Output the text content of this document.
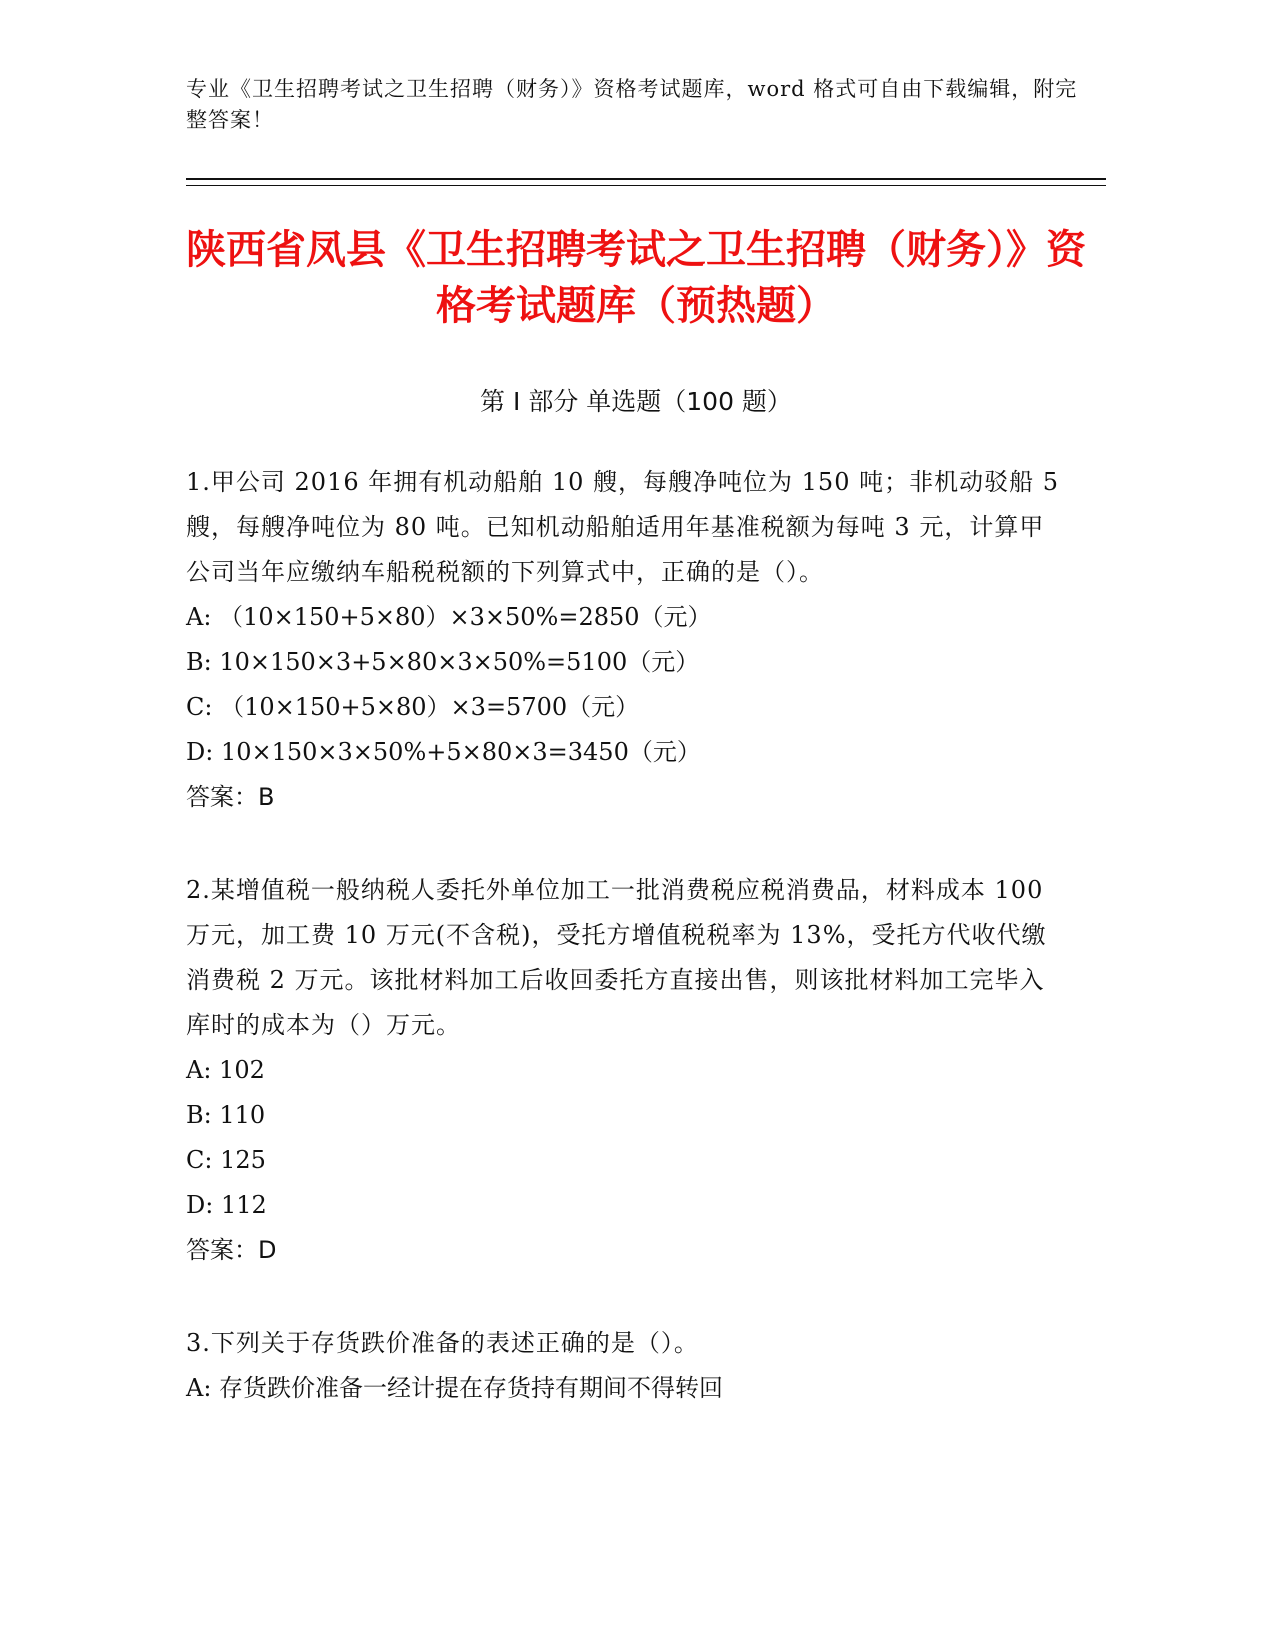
专业《卫生招聘考试之卫生招聘（财务）》资格考试题库，word 格式可自由下载编辑，附完整答案！
陕西省凤县《卫生招聘考试之卫生招聘（财务）》资格考试题库（预热题）
第 I 部分 单选题（100 题）

1.甲公司 2016 年拥有机动船舶 10 艘，每艘净吨位为 150 吨；非机动驳船 5 艘，每艘净吨位为 80 吨。已知机动船舶适用年基准税额为每吨 3 元，计算甲公司当年应缴纳车船税税额的下列算式中，正确的是（）。

A: （10×150+5×80）×3×50%=2850（元）

B: 10×150×3+5×80×3×50%=5100（元）

C: （10×150+5×80）×3=5700（元）

D: 10×150×3×50%+5×80×3=3450（元）

答案：B

2.某增值税一般纳税人委托外单位加工一批消费税应税消费品，材料成本 100 万元，加工费 10 万元(不含税)，受托方增值税税率为 13%，受托方代收代缴消费税 2 万元。该批材料加工后收回委托方直接出售，则该批材料加工完毕入库时的成本为（）万元。

A: 102

B: 110

C: 125

D: 112

答案：D

3.下列关于存货跌价准备的表述正确的是（）。

A: 存货跌价准备一经计提在存货持有期间不得转回
